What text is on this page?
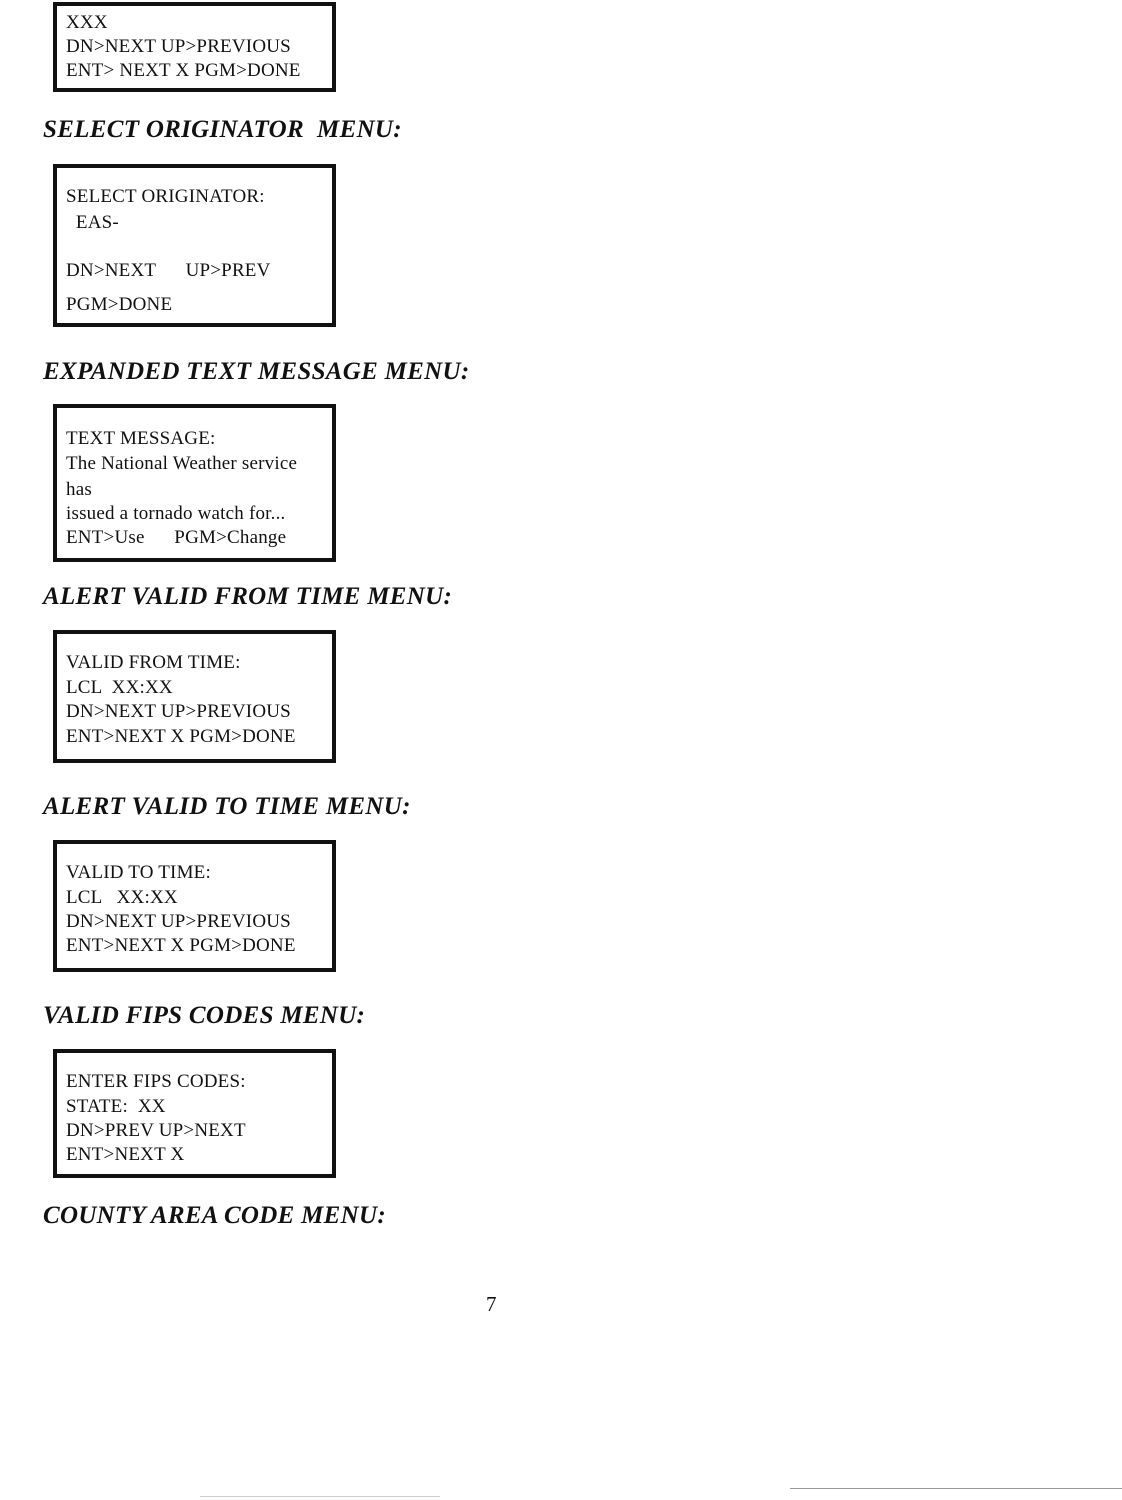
XXX
DN>NEXT UP>PREVIOUS
ENT> NEXT X PGM>DONE
SELECT ORIGINATOR  MENU:
SELECT ORIGINATOR:
EAS-
DN>NEXT      UP>PREV
PGM>DONE
EXPANDED TEXT MESSAGE MENU:
TEXT MESSAGE:
The National Weather service
has
issued a tornado watch for...
ENT>Use      PGM>Change
ALERT VALID FROM TIME MENU:
VALID FROM TIME:
LCL  XX:XX
DN>NEXT UP>PREVIOUS
ENT>NEXT X PGM>DONE
ALERT VALID TO TIME MENU:
VALID TO TIME:
LCL   XX:XX
DN>NEXT UP>PREVIOUS
ENT>NEXT X PGM>DONE
VALID FIPS CODES MENU:
ENTER FIPS CODES:
STATE:  XX
DN>PREV UP>NEXT
ENT>NEXT X
COUNTY AREA CODE MENU:
7
